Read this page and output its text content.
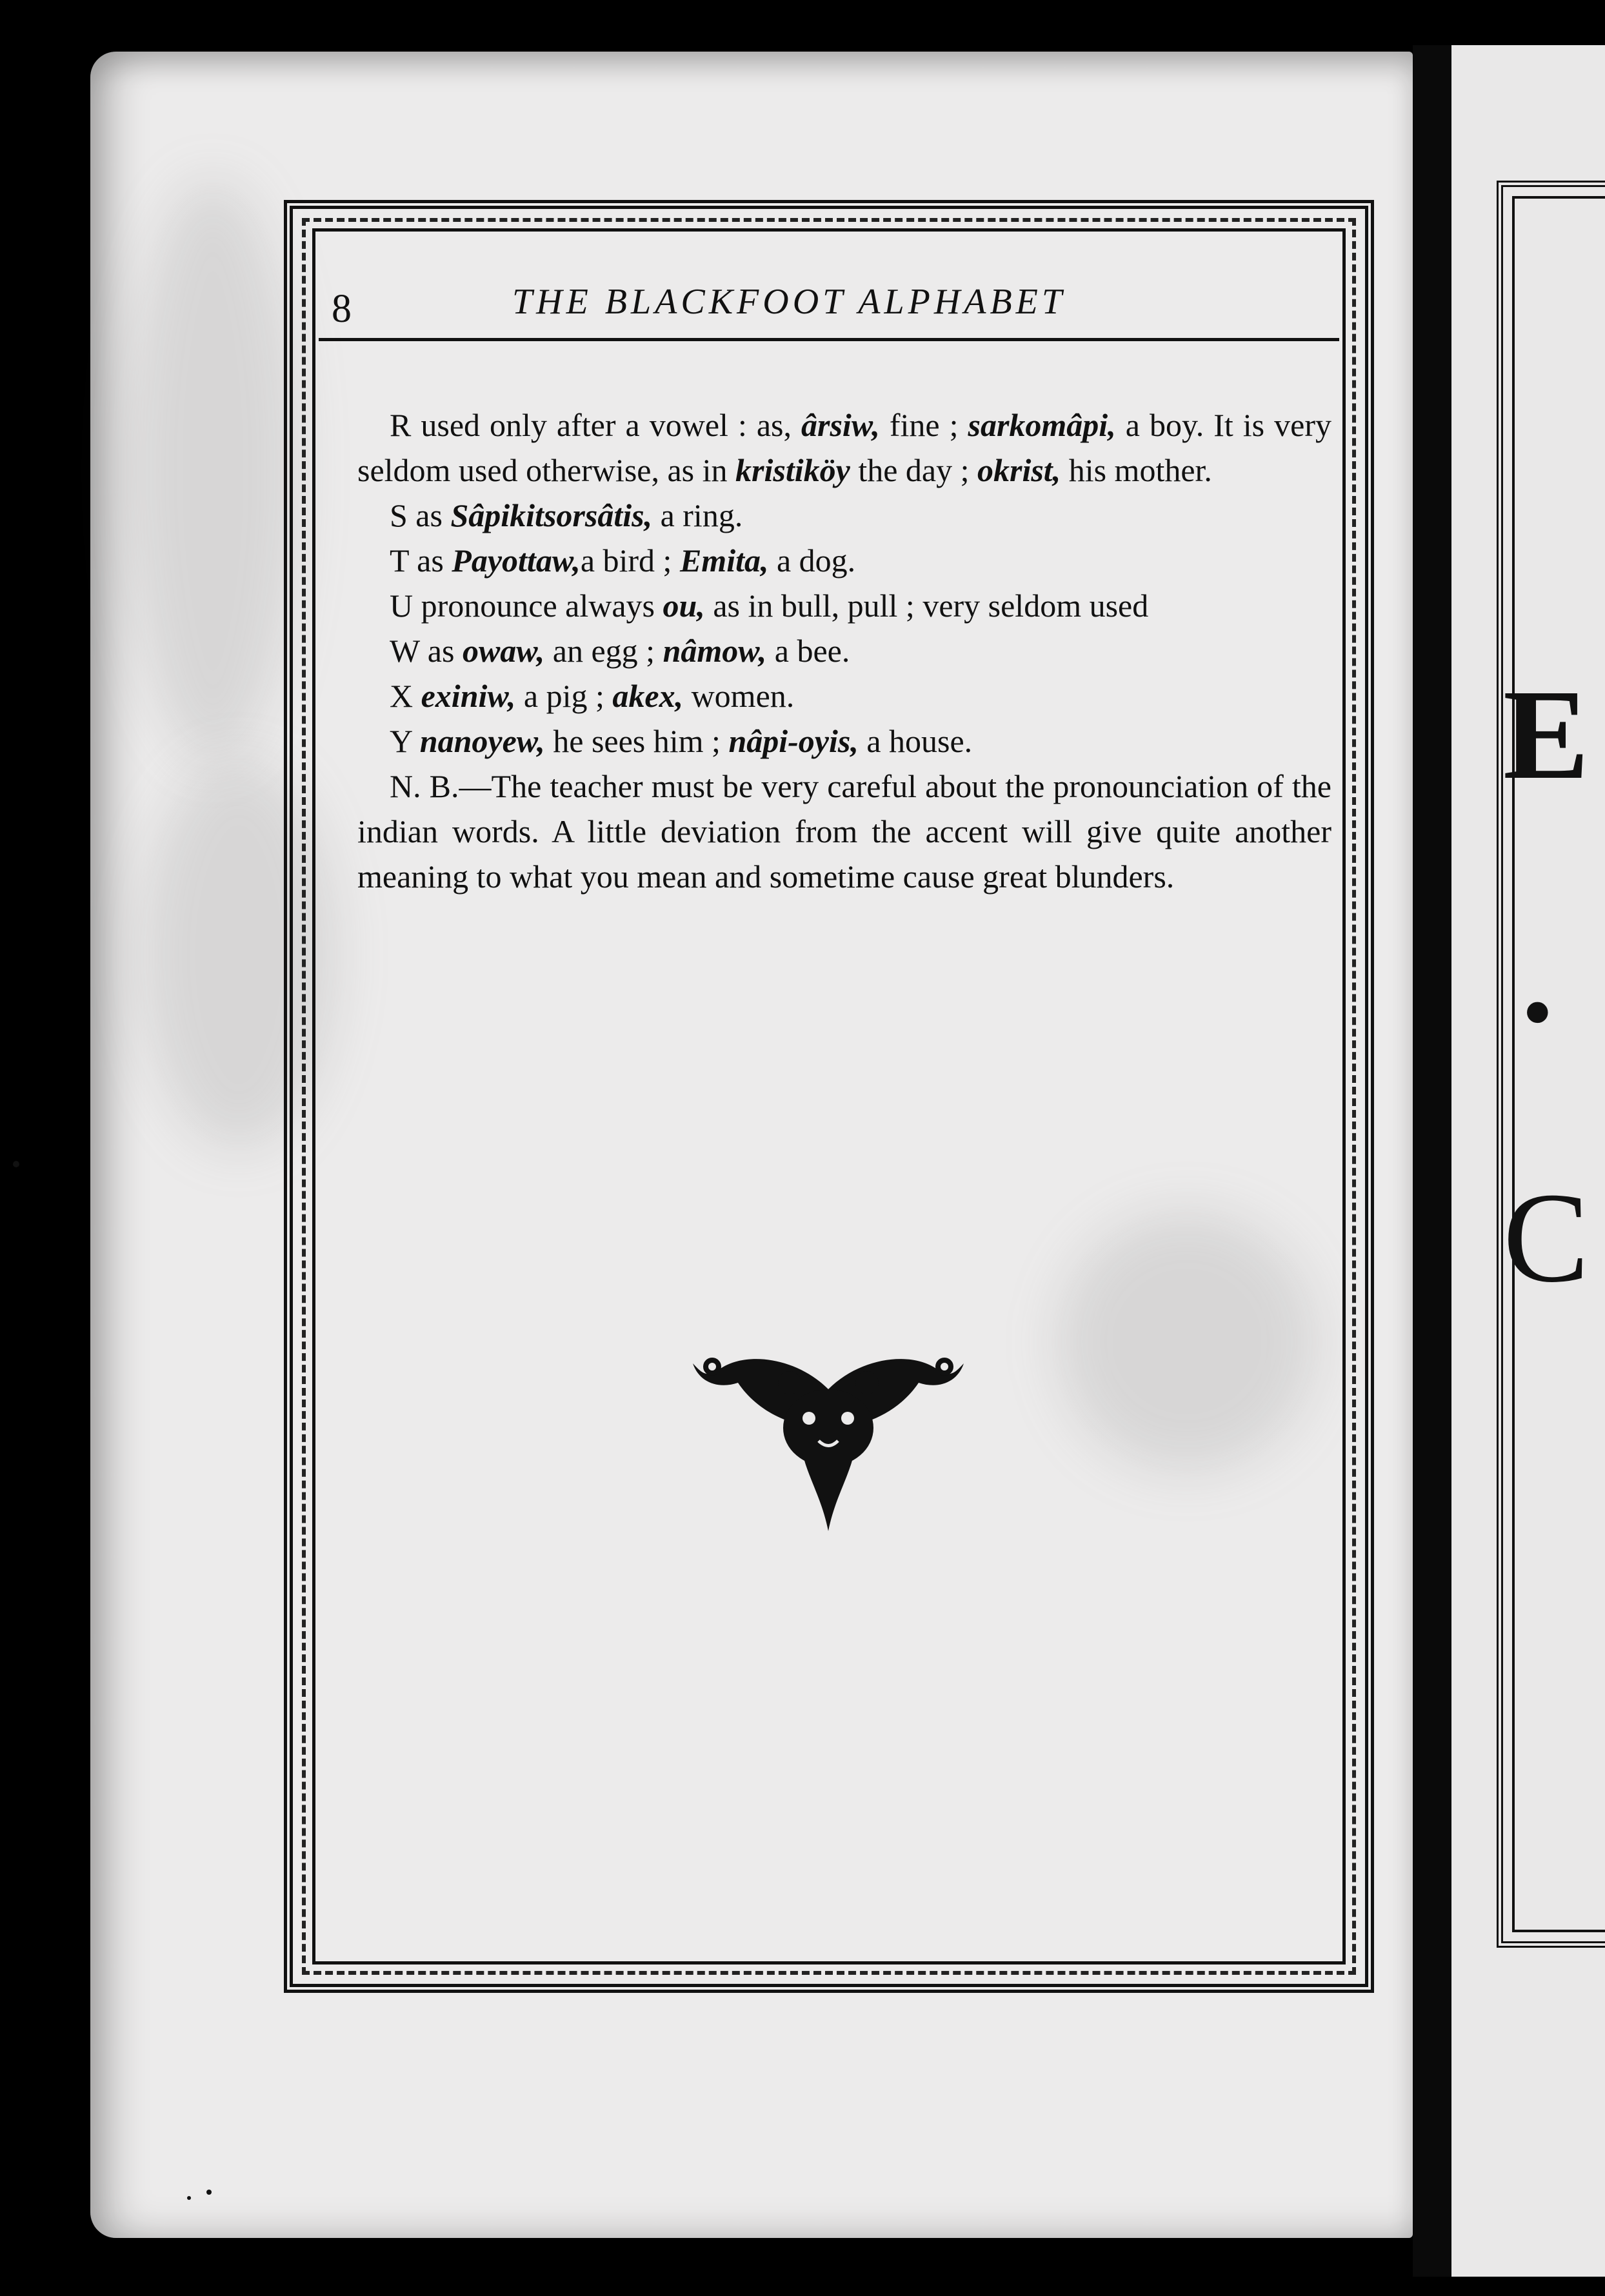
E
·
C
8	THE BLACKFOOT ALPHABET

R used only after a vowel : as, ârsiw, fine ; sarkomâpi, a boy. It is very seldom used otherwise, as in kristiköy the day ; okrist, his mother.

S as Sâpikitsorsâtis, a ring.

T as Payottaw,a bird ; Emita, a dog.

U pronounce always ou, as in bull, pull ; very seldom used

W as owaw, an egg ; nâmow, a bee.

X exiniw, a pig ; akex, women.

Y nanoyew, he sees him ; nâpi-oyis, a house.

N. B.—The teacher must be very careful about the pronounciation of the indian words. A little deviation from the accent will give quite another meaning to what you mean and sometime cause great blunders.
